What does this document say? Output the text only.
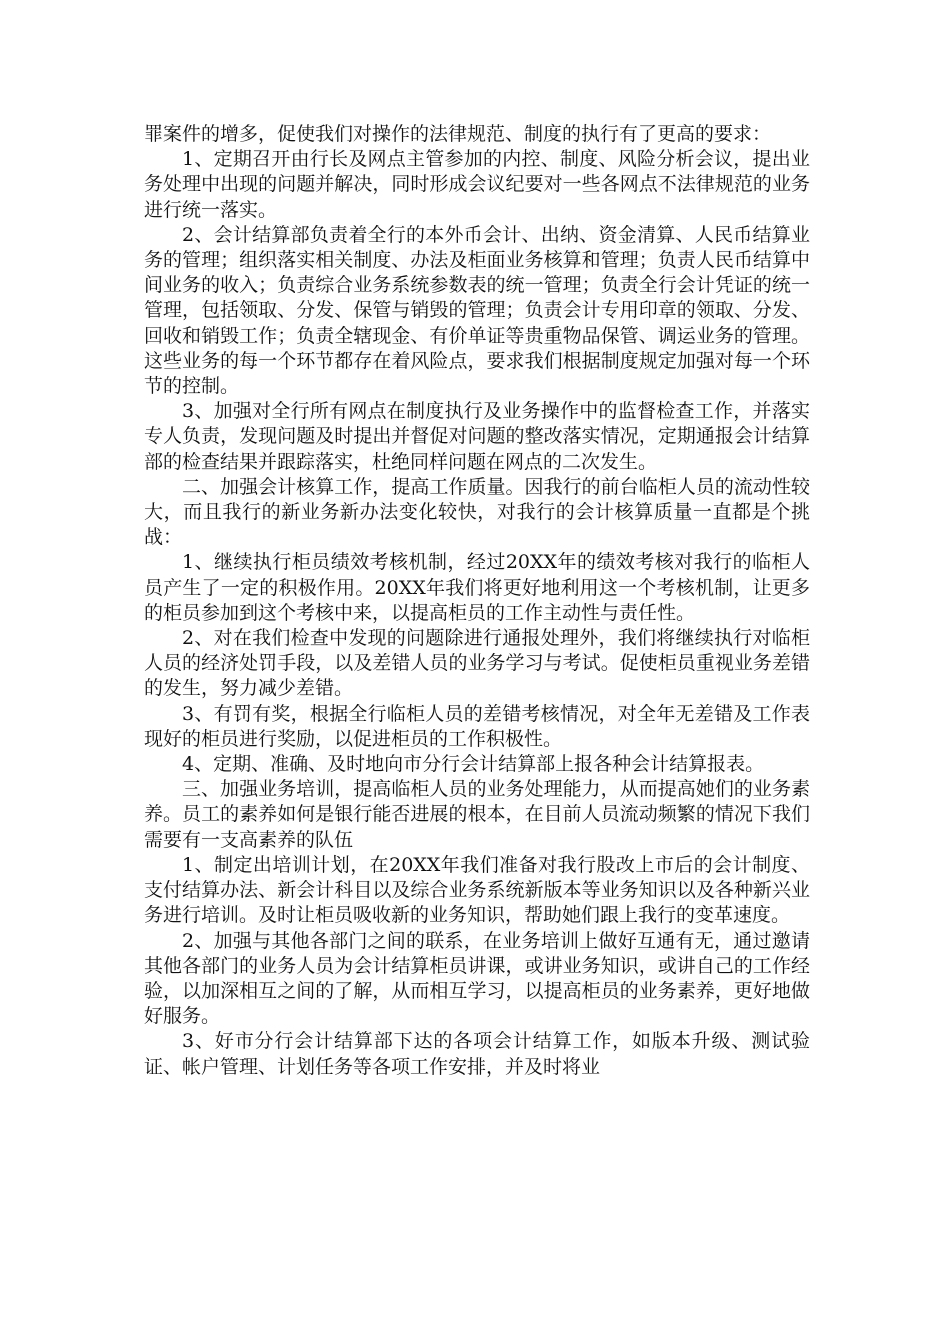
罪案件的增多，促使我们对操作的法律规范、制度的执行有了更高的要求：

1、定期召开由行长及网点主管参加的内控、制度、风险分析会议，提出业务处理中出现的问题并解决，同时形成会议纪要对一些各网点不法律规范的业务进行统一落实。

2、会计结算部负责着全行的本外币会计、出纳、资金清算、人民币结算业务的管理；组织落实相关制度、办法及柜面业务核算和管理；负责人民币结算中间业务的收入；负责综合业务系统参数表的统一管理；负责全行会计凭证的统一管理，包括领取、分发、保管与销毁的管理；负责会计专用印章的领取、分发、回收和销毁工作；负责全辖现金、有价单证等贵重物品保管、调运业务的管理。这些业务的每一个环节都存在着风险点，要求我们根据制度规定加强对每一个环节的控制。

3、加强对全行所有网点在制度执行及业务操作中的监督检查工作，并落实专人负责，发现问题及时提出并督促对问题的整改落实情况，定期通报会计结算部的检查结果并跟踪落实，杜绝同样问题在网点的二次发生。

二、加强会计核算工作，提高工作质量。因我行的前台临柜人员的流动性较大，而且我行的新业务新办法变化较快，对我行的会计核算质量一直都是个挑战：

1、继续执行柜员绩效考核机制，经过20XX年的绩效考核对我行的临柜人员产生了一定的积极作用。20XX年我们将更好地利用这一个考核机制，让更多的柜员参加到这个考核中来，以提高柜员的工作主动性与责任性。

2、对在我们检查中发现的问题除进行通报处理外，我们将继续执行对临柜人员的经济处罚手段，以及差错人员的业务学习与考试。促使柜员重视业务差错的发生，努力减少差错。

3、有罚有奖，根据全行临柜人员的差错考核情况，对全年无差错及工作表现好的柜员进行奖励，以促进柜员的工作积极性。

4、定期、准确、及时地向市分行会计结算部上报各种会计结算报表。

三、加强业务培训，提高临柜人员的业务处理能力，从而提高她们的业务素养。员工的素养如何是银行能否进展的根本，在目前人员流动频繁的情况下我们需要有一支高素养的队伍

1、制定出培训计划，在20XX年我们准备对我行股改上市后的会计制度、支付结算办法、新会计科目以及综合业务系统新版本等业务知识以及各种新兴业务进行培训。及时让柜员吸收新的业务知识，帮助她们跟上我行的变革速度。

2、加强与其他各部门之间的联系，在业务培训上做好互通有无，通过邀请其他各部门的业务人员为会计结算柜员讲课，或讲业务知识，或讲自己的工作经验，以加深相互之间的了解，从而相互学习，以提高柜员的业务素养，更好地做好服务。

3、好市分行会计结算部下达的各项会计结算工作，如版本升级、测试验证、帐户管理、计划任务等各项工作安排，并及时将业
